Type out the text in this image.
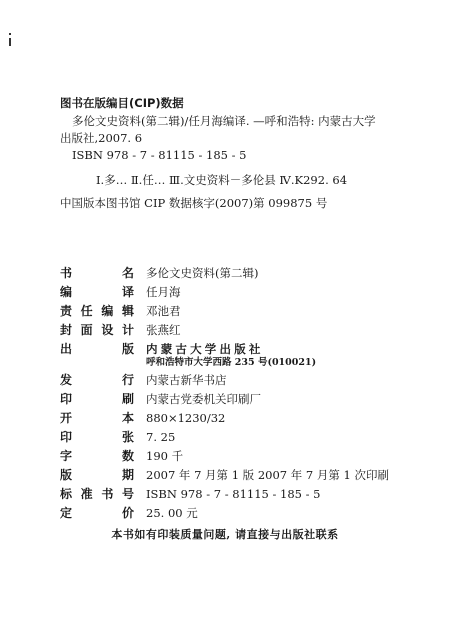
图书在版编目(CIP)数据
多伦文史资料(第二辑)/任月海编译. —呼和浩特: 内蒙古大学
出版社,2007. 6
ISBN 978 - 7 - 81115 - 185 - 5
Ⅰ.多… Ⅱ.任… Ⅲ.文史资料－多伦县 Ⅳ.K292. 64
中国版本图书馆 CIP 数据核字(2007)第 099875 号
书	名 多伦文史资料(第二辑)
编	译 任月海
责 任 编 辑 邓池君
封 面 设 计 张燕红
出	版 内蒙古大学出版社
呼和浩特市大学西路 235 号(010021)
发	行 内蒙古新华书店
印	刷 内蒙古党委机关印刷厂
开	本 880×1230/32
印	张 7. 25
字	数 190 千
版	期 2007 年 7 月第 1 版 2007 年 7 月第 1 次印刷
标 准 书 号 ISBN 978 - 7 - 81115 - 185 - 5
定	价 25. 00 元
本书如有印装质量问题, 请直接与出版社联系
